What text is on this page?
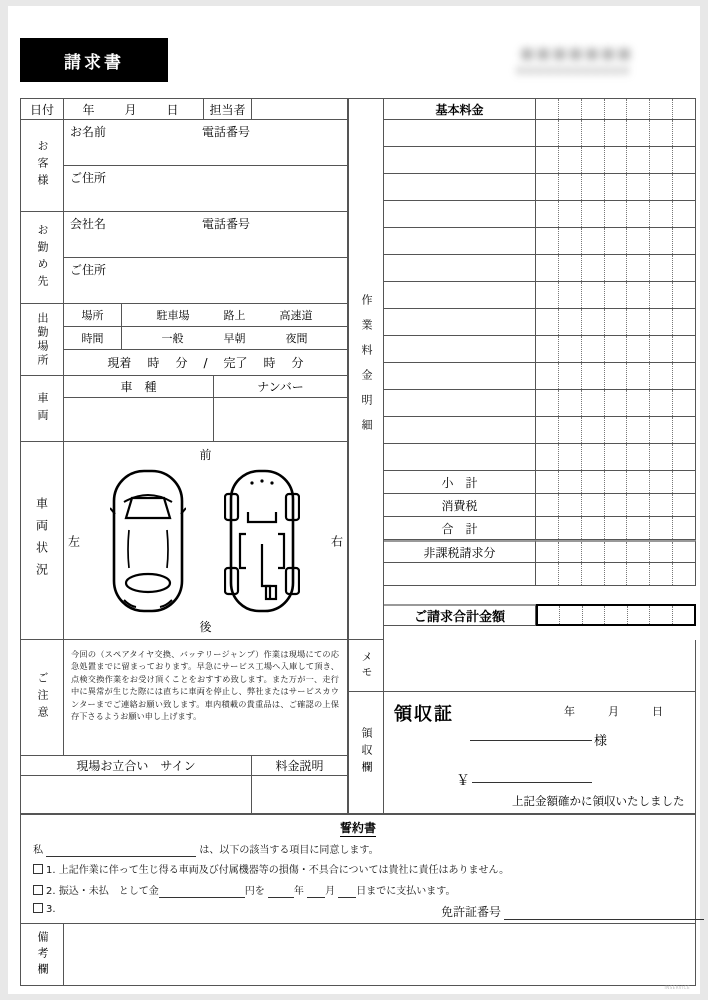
請求書	■■■■■■■
■■■■■■■■■■■■
日付	年 月 日	担当者
お客様
お名前	電話番号
ご住所
お勤め先 会社名	電話番号
ご住所
出勤場所	場所	駐車場	路上	高速道
時間	一般	早朝	夜間
現着 時 分 / 完了 時 分
車両
車　種	ナンバー
車両状況
前
後
左	右
ご注意
今回の（スペアタイヤ交換、バッテリージャンプ）作業は現場にての応急処置までに留まっております。早急にサービス工場へ入庫して頂き、点検交換作業をお受け頂くことをおすすめ致します。また万が一、走行中に異常が生じた際には直ちに車両を停止し、弊社またはサービスカウンターまでご連絡お願い致します。車内積載の貴重品は、ご確認の上保存下さるようお願い申し上げます。
現場お立合い　サイン	料金説明
作業料金明細
基本料金
小　計
消費税
合　計
非課税請求分
ご請求合計金額
メモ
領収欄
領収証	年	月	日
様
￥
上記金額確かに領収いたしました
誓約書
私	は、以下の該当する項目に同意します。
1. 上記作業に伴って生じ得る車両及び付属機器等の損傷・不具合については貴社に責任はありません。
2. 振込・未払　として金	円を	年 月 日までに支払います。
3.	免許証番号
備考欄
INSERVICE
